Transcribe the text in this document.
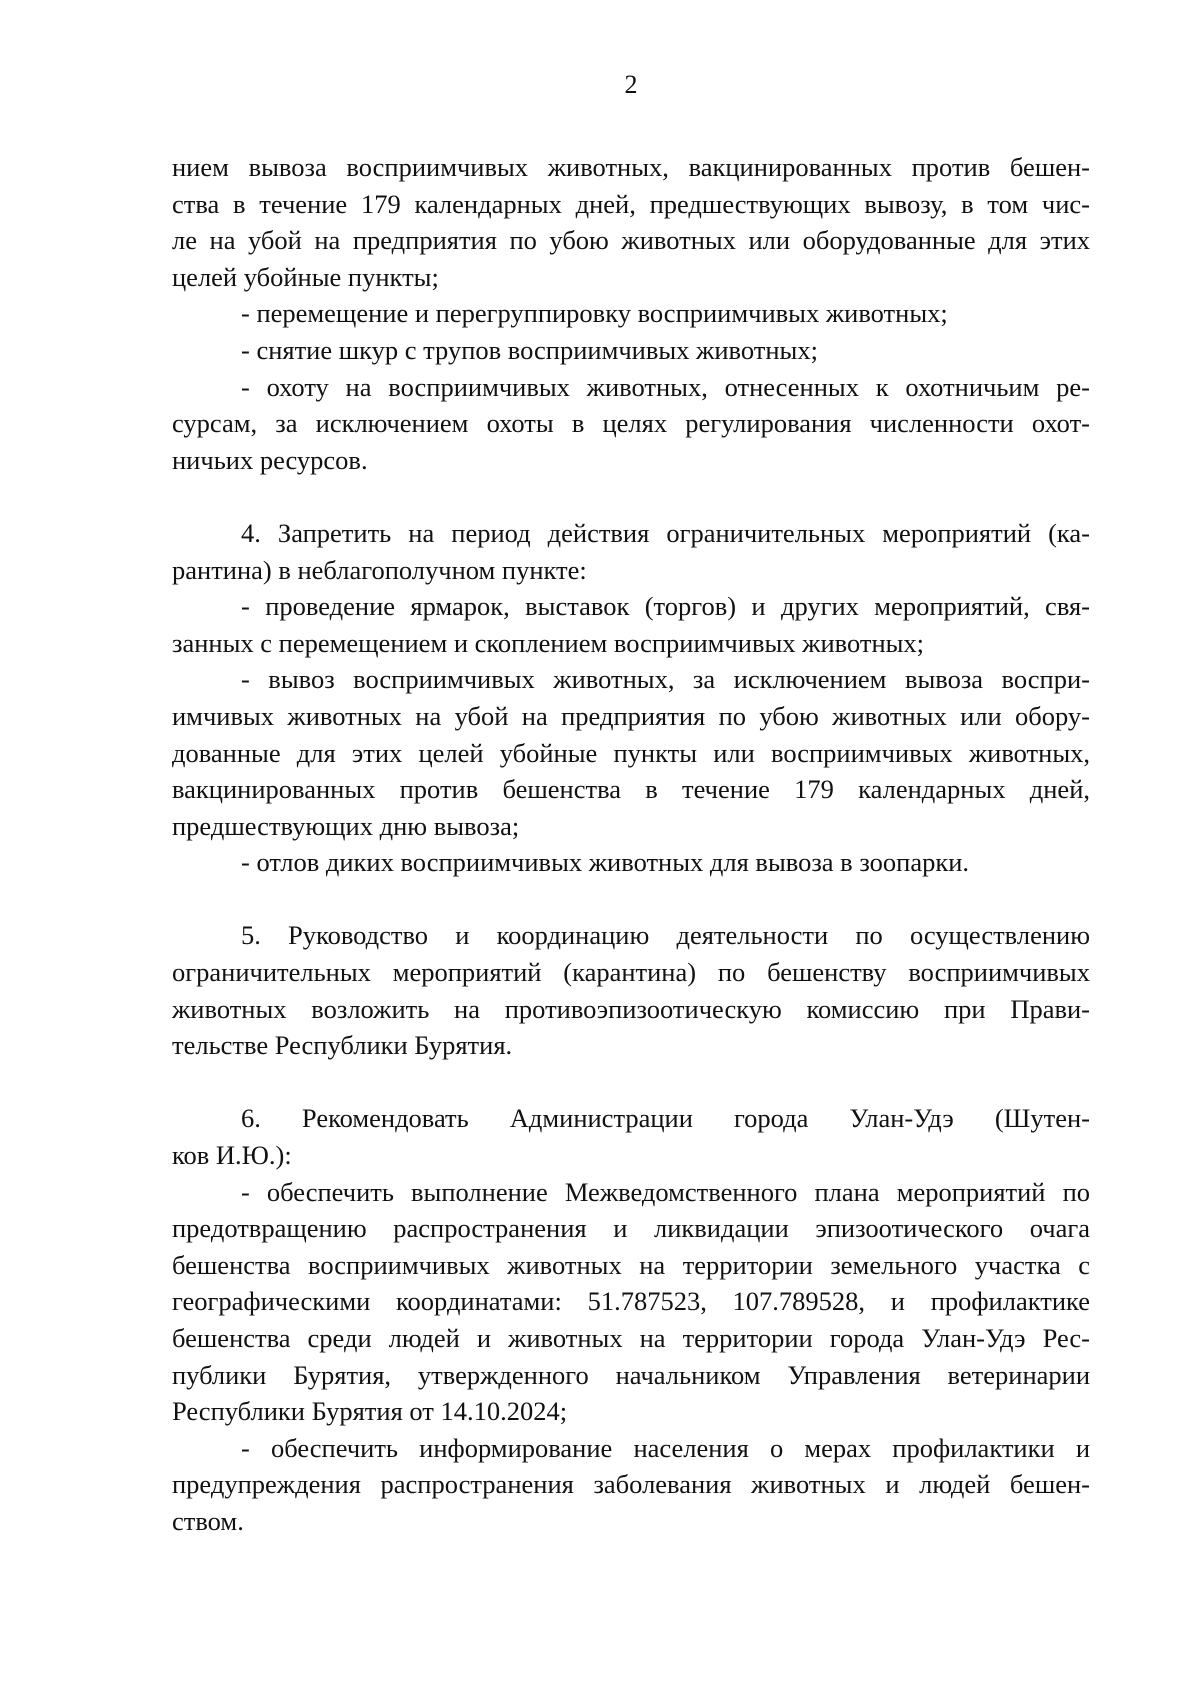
2
нием вывоза восприимчивых животных, вакцинированных против бешен-
ства в течение 179 календарных дней, предшествующих вывозу, в том чис-
ле на убой на предприятия по убою животных или оборудованные для этих
целей убойные пункты;
- перемещение и перегруппировку восприимчивых животных;
- снятие шкур с трупов восприимчивых животных;
- охоту на восприимчивых животных, отнесенных к охотничьим ре-
сурсам, за исключением охоты в целях регулирования численности охот-
ничьих ресурсов.
4. Запретить на период действия ограничительных мероприятий (ка-
рантина) в неблагополучном пункте:
- проведение ярмарок, выставок (торгов) и других мероприятий, свя-
занных с перемещением и скоплением восприимчивых животных;
- вывоз восприимчивых животных, за исключением вывоза воспри-
имчивых животных на убой на предприятия по убою животных или обору-
дованные для этих целей убойные пункты или восприимчивых животных,
вакцинированных против бешенства в течение 179 календарных дней,
предшествующих дню вывоза;
- отлов диких восприимчивых животных для вывоза в зоопарки.
5. Руководство и координацию деятельности по осуществлению
ограничительных мероприятий (карантина) по бешенству восприимчивых
животных возложить на противоэпизоотическую комиссию при Прави-
тельстве Республики Бурятия.
6. Рекомендовать Администрации города Улан-Удэ (Шутен-
ков И.Ю.):
- обеспечить выполнение Межведомственного плана мероприятий по
предотвращению распространения и ликвидации эпизоотического очага
бешенства восприимчивых животных на территории земельного участка с
географическими координатами: 51.787523, 107.789528, и профилактике
бешенства среди людей и животных на территории города Улан-Удэ Рес-
публики Бурятия, утвержденного начальником Управления ветеринарии
Республики Бурятия от 14.10.2024;
- обеспечить информирование населения о мерах профилактики и
предупреждения распространения заболевания животных и людей бешен-
ством.
